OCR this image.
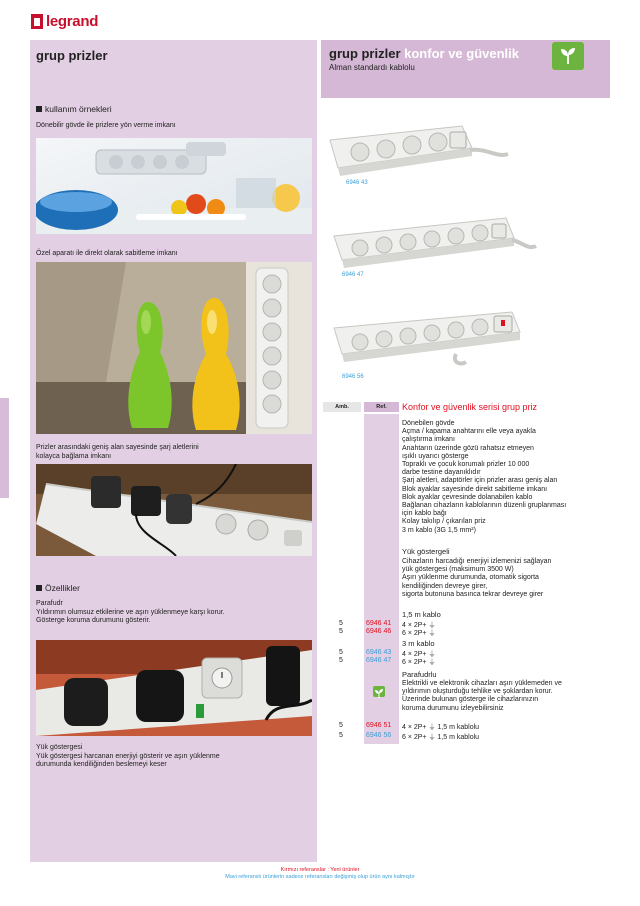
legrand
grup prizler
kullanım örnekleri
Dönebilir gövde ile prizlere yön verme imkanı
Özel aparatı ile direkt olarak sabitleme imkanı
Prizler arasındaki geniş alan sayesinde şarj aletlerini
kolayca bağlama imkanı
Özellikler
Parafudr
Yıldırımın olumsuz etkilerine ve aşırı yüklenmeye karşı korur.
Gösterge koruma durumunu gösterir.
Yük göstergesi
Yük göstergesi harcanan enerjiyi gösterir ve aşırı yüklenme
durumunda kendiliğinden beslemeyi keser
grup prizler konfor ve güvenlik
Alman standardı kablolu
6946 43
6946 47
6946 56
Amb.	Ref.	Konfor ve güvenlik serisi grup priz
Dönebilen gövde
Açma / kapama anahtarını elle veya ayakla
çalıştırma imkanı
Anahtarın üzerinde gözü rahatsız etmeyen
ışıklı uyarıcı gösterge
Topraklı ve çocuk korumalı prizler 10 000
darbe testine dayanıklıdır
Şarj aletleri, adaptörler için prizler arası geniş alan
Blok ayaklar sayesinde direkt sabitleme imkanı
Blok ayaklar çevresinde dolanabilen kablo
Bağlanan cihazların kablolarının düzenli gruplanması
için kablo bağı
Kolay takılıp / çıkarılan priz
3 m kablo (3G 1,5 mm²)
Yük göstergeli
Cihazların harcadığı enerjiyi izlemenizi sağlayan
yük göstergesi (maksimum 3500 W)
Aşırı yüklenme durumunda, otomatik sigorta
kendiliğinden devreye girer,
sigorta butonuna basınca tekrar devreye girer
1,5 m kablo
5	6946 41 4 × 2P+ ⏚
5	6946 46 6 × 2P+ ⏚
3 m kablo
5	6946 43 4 × 2P+ ⏚
5	6946 47 6 × 2P+ ⏚
Parafudrlu
Elektrikli ve elektronik cihazları aşırı yüklemeden ve
yıldırımın oluşturduğu tehlike ve şoklardan korur.
Üzerinde bulunan gösterge ile cihazlarınızın
koruma durumunu izleyebilirsiniz
5	6946 51 4 × 2P+ ⏚ 1,5 m kablolu
5	6946 56 6 × 2P+ ⏚ 1,5 m kablolu
Kırmızı referanslar : Yeni ürünler
Mavi referanslı ürünlerin sadece referansları değişmiş olup ürün aynı kalmıştır
